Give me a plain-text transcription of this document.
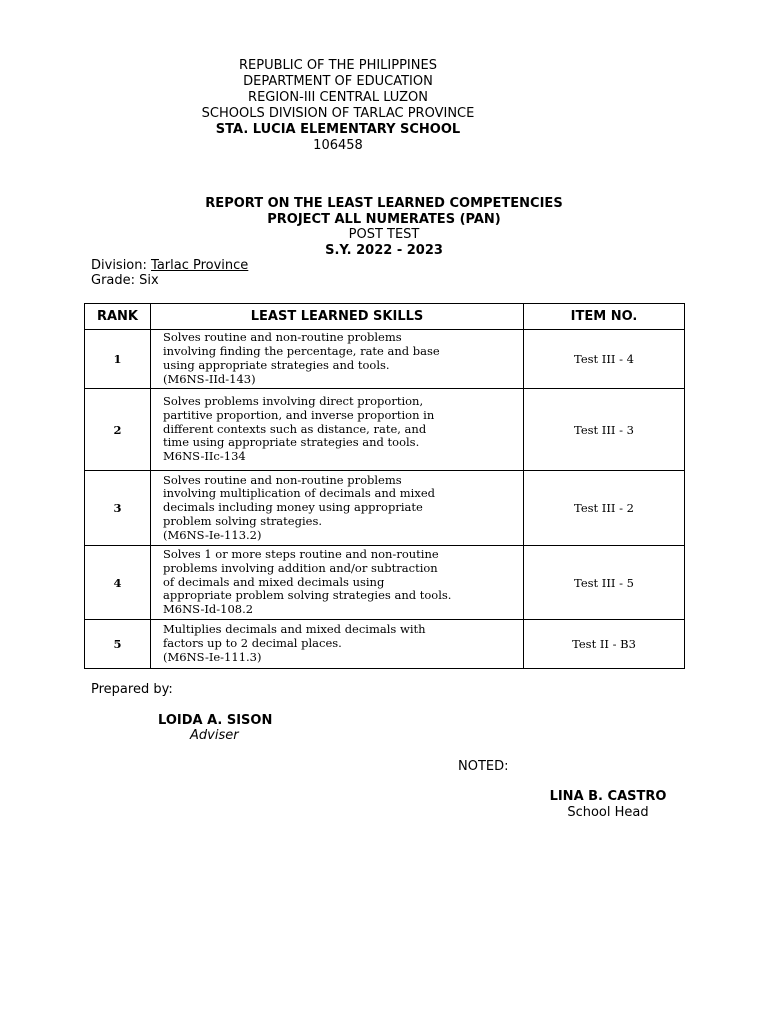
REPUBLIC OF THE PHILIPPINES
DEPARTMENT OF EDUCATION
REGION-III CENTRAL LUZON
SCHOOLS DIVISION OF TARLAC PROVINCE
STA. LUCIA ELEMENTARY SCHOOL
106458
REPORT ON THE LEAST LEARNED COMPETENCIES
PROJECT ALL NUMERATES (PAN)
POST TEST
S.Y. 2022 - 2023
Division: Tarlac Province
Grade: Six
RANK	LEAST LEARNED SKILLS	ITEM NO.
1	Solves routine and non-routine problems
involving finding the percentage, rate and base
using appropriate strategies and tools.
(M6NS-IId-143)	Test III - 4
2	Solves problems involving direct proportion,
partitive proportion, and inverse proportion in
different contexts such as distance, rate, and
time using appropriate strategies and tools.
M6NS-IIc-134	Test III - 3
3	Solves routine and non-routine problems
involving multiplication of decimals and mixed
decimals including money using appropriate
problem solving strategies.
(M6NS-Ie-113.2)	Test III - 2
4	Solves 1 or more steps routine and non-routine
problems involving addition and/or subtraction
of decimals and mixed decimals using
appropriate problem solving strategies and tools.
M6NS-Id-108.2	Test III - 5
5	Multiplies decimals and mixed decimals with
factors up to 2 decimal places.
(M6NS-Ie-111.3)	Test II - B3
Prepared by:
LOIDA A. SISON
Adviser
NOTED:
LINA B. CASTRO
School Head
